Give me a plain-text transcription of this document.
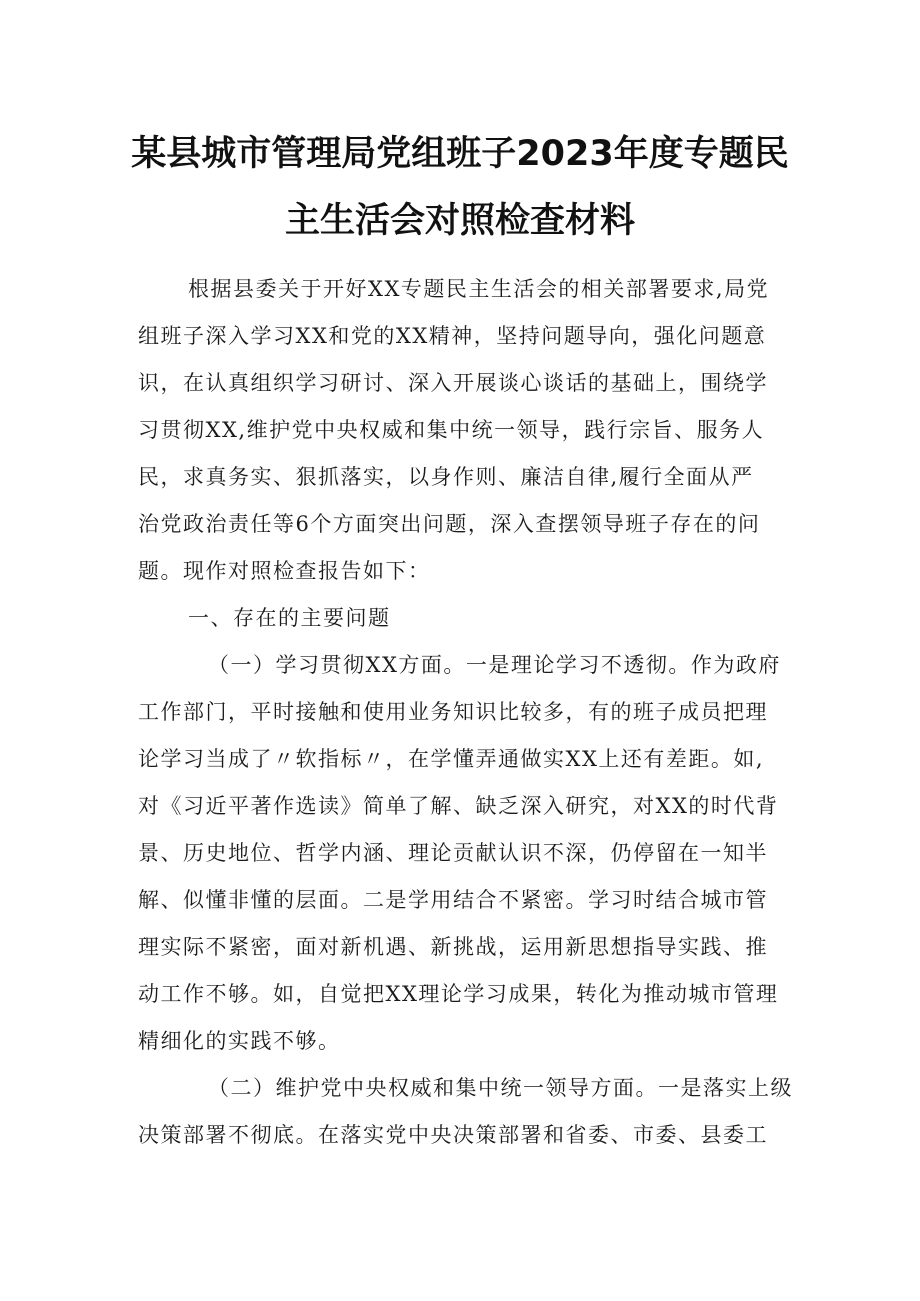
某县城市管理局党组班子2023年度专题民
主生活会对照检查材料
根据县委关于开好XX专题民主生活会的相关部署要求,局党
组班子深入学习XX和党的XX精神，坚持问题导向，强化问题意
识，在认真组织学习研讨、深入开展谈心谈话的基础上，围绕学
习贯彻XX,维护党中央权威和集中统一领导，践行宗旨、服务人
民，求真务实、狠抓落实，以身作则、廉洁自律,履行全面从严
治党政治责任等6个方面突出问题，深入查摆领导班子存在的问
题。现作对照检查报告如下：
一、存在的主要问题
（一）学习贯彻XX方面。一是理论学习不透彻。作为政府
工作部门，平时接触和使用业务知识比较多，有的班子成员把理
论学习当成了〃软指标〃，在学懂弄通做实XX上还有差距。如,
对《习近平著作选读》简单了解、缺乏深入研究，对XX的时代背
景、历史地位、哲学内涵、理论贡献认识不深，仍停留在一知半
解、似懂非懂的层面。二是学用结合不紧密。学习时结合城市管
理实际不紧密，面对新机遇、新挑战，运用新思想指导实践、推
动工作不够。如，自觉把XX理论学习成果，转化为推动城市管理
精细化的实践不够。
（二）维护党中央权威和集中统一领导方面。一是落实上级
决策部署不彻底。在落实党中央决策部署和省委、市委、县委工
